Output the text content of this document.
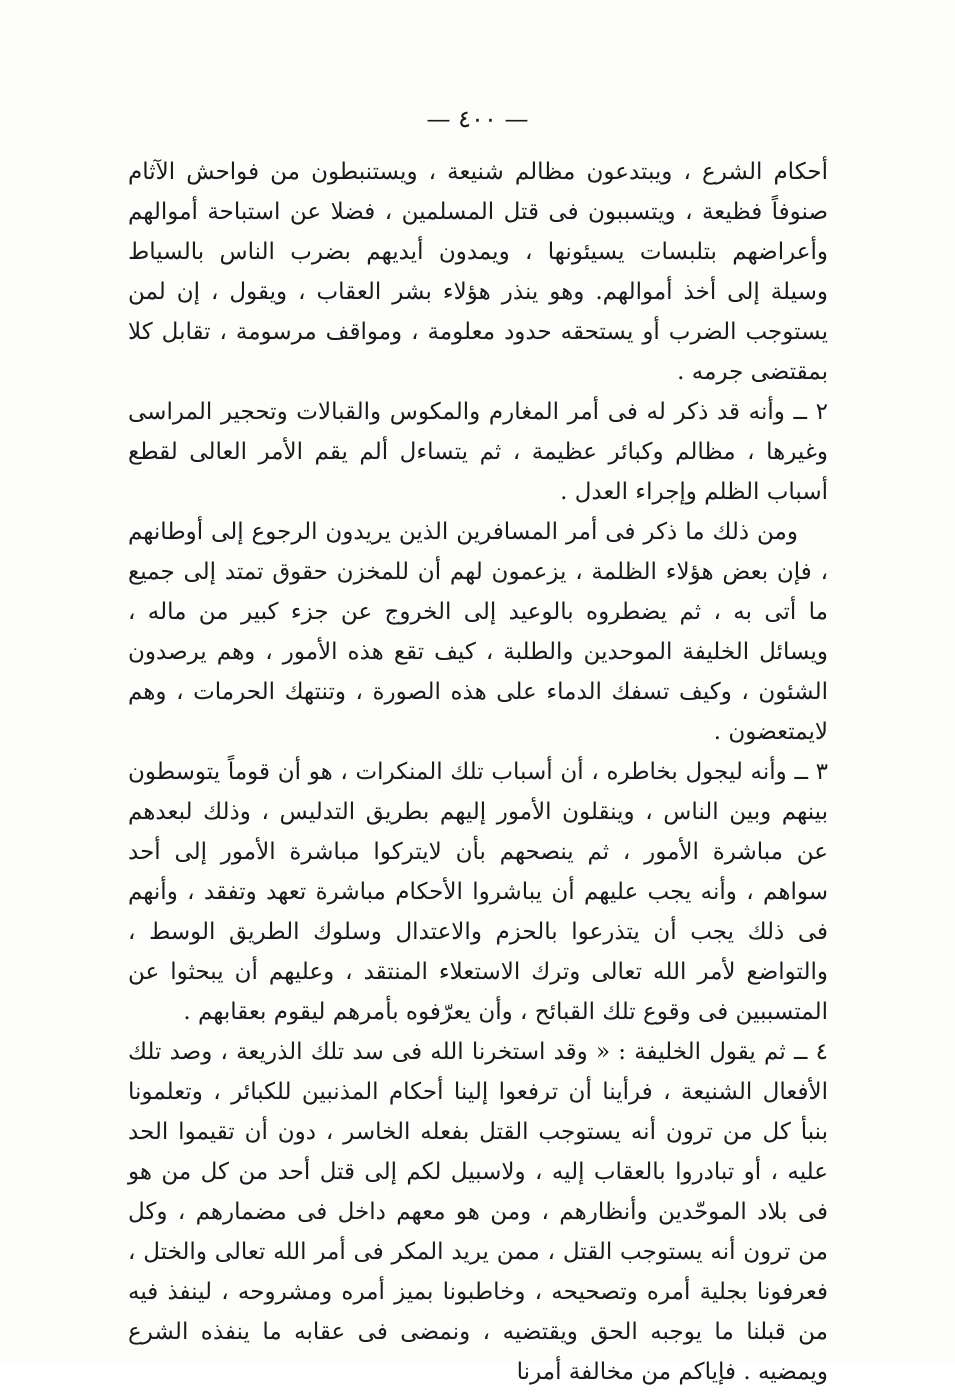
— ٤٠٠ —

أحكام الشرع ، ويبتدعون مظالم شنيعة ، ويستنبطون من فواحش الآثام صنوفاً فظيعة ، ويتسببون فى قتل المسلمين ، فضلا عن استباحة أموالهم وأعراضهم بتلبسات يسيئونها ، ويمدون أيديهم بضرب الناس بالسياط وسيلة إلى أخذ أموالهم. وهو ينذر هؤلاء بشر العقاب ، ويقول ، إن لمن يستوجب الضرب أو يستحقه حدود معلومة ، ومواقف مرسومة ، تقابل كلا بمقتضى جرمه .

٢ ــ وأنه قد ذكر له فى أمر المغارم والمكوس والقبالات وتحجير المراسى وغيرها ، مظالم وكبائر عظيمة ، ثم يتساءل ألم يقم الأمر العالى لقطع أسباب الظلم وإجراء العدل .

ومن ذلك ما ذكر فى أمر المسافرين الذين يريدون الرجوع إلى أوطانهم ، فإن بعض هؤلاء الظلمة ، يزعمون لهم أن للمخزن حقوق تمتد إلى جميع ما أتى به ، ثم يضطروه بالوعيد إلى الخروج عن جزء كبير من ماله ، ويسائل الخليفة الموحدين والطلبة ، كيف تقع هذه الأمور ، وهم يرصدون الشئون ، وكيف تسفك الدماء على هذه الصورة ، وتنتهك الحرمات ، وهم لايمتعضون .

٣ ــ وأنه ليجول بخاطره ، أن أسباب تلك المنكرات ، هو أن قوماً يتوسطون بينهم وبين الناس ، وينقلون الأمور إليهم بطريق التدليس ، وذلك لبعدهم عن مباشرة الأمور ، ثم ينصحهم بأن لايتركوا مباشرة الأمور إلى أحد سواهم ، وأنه يجب عليهم أن يباشروا الأحكام مباشرة تعهد وتفقد ، وأنهم فى ذلك يجب أن يتذرعوا بالحزم والاعتدال وسلوك الطريق الوسط ، والتواضع لأمر الله تعالى وترك الاستعلاء المنتقد ، وعليهم أن يبحثوا عن المتسببين فى وقوع تلك القبائح ، وأن يعرّفوه بأمرهم ليقوم بعقابهم .

٤ ــ ثم يقول الخليفة : « وقد استخرنا الله فى سد تلك الذريعة ، وصد تلك الأفعال الشنيعة ، فرأينا أن ترفعوا إلينا أحكام المذنبين للكبائر ، وتعلمونا بنبأ كل من ترون أنه يستوجب القتل بفعله الخاسر ، دون أن تقيموا الحد عليه ، أو تبادروا بالعقاب إليه ، ولاسبيل لكم إلى قتل أحد من كل من هو فى بلاد الموحّدين وأنظارهم ، ومن هو معهم داخل فى مضمارهم ، وكل من ترون أنه يستوجب القتل ، ممن يريد المكر فى أمر الله تعالى والختل ، فعرفونا بجلية أمره وتصحيحه ، وخاطبونا بميز أمره ومشروحه ، لينفذ فيه من قبلنا ما يوجبه الحق ويقتضيه ، ونمضى فى عقابه ما ينفذه الشرع ويمضيه . فإياكم من مخالفة أمرنا
